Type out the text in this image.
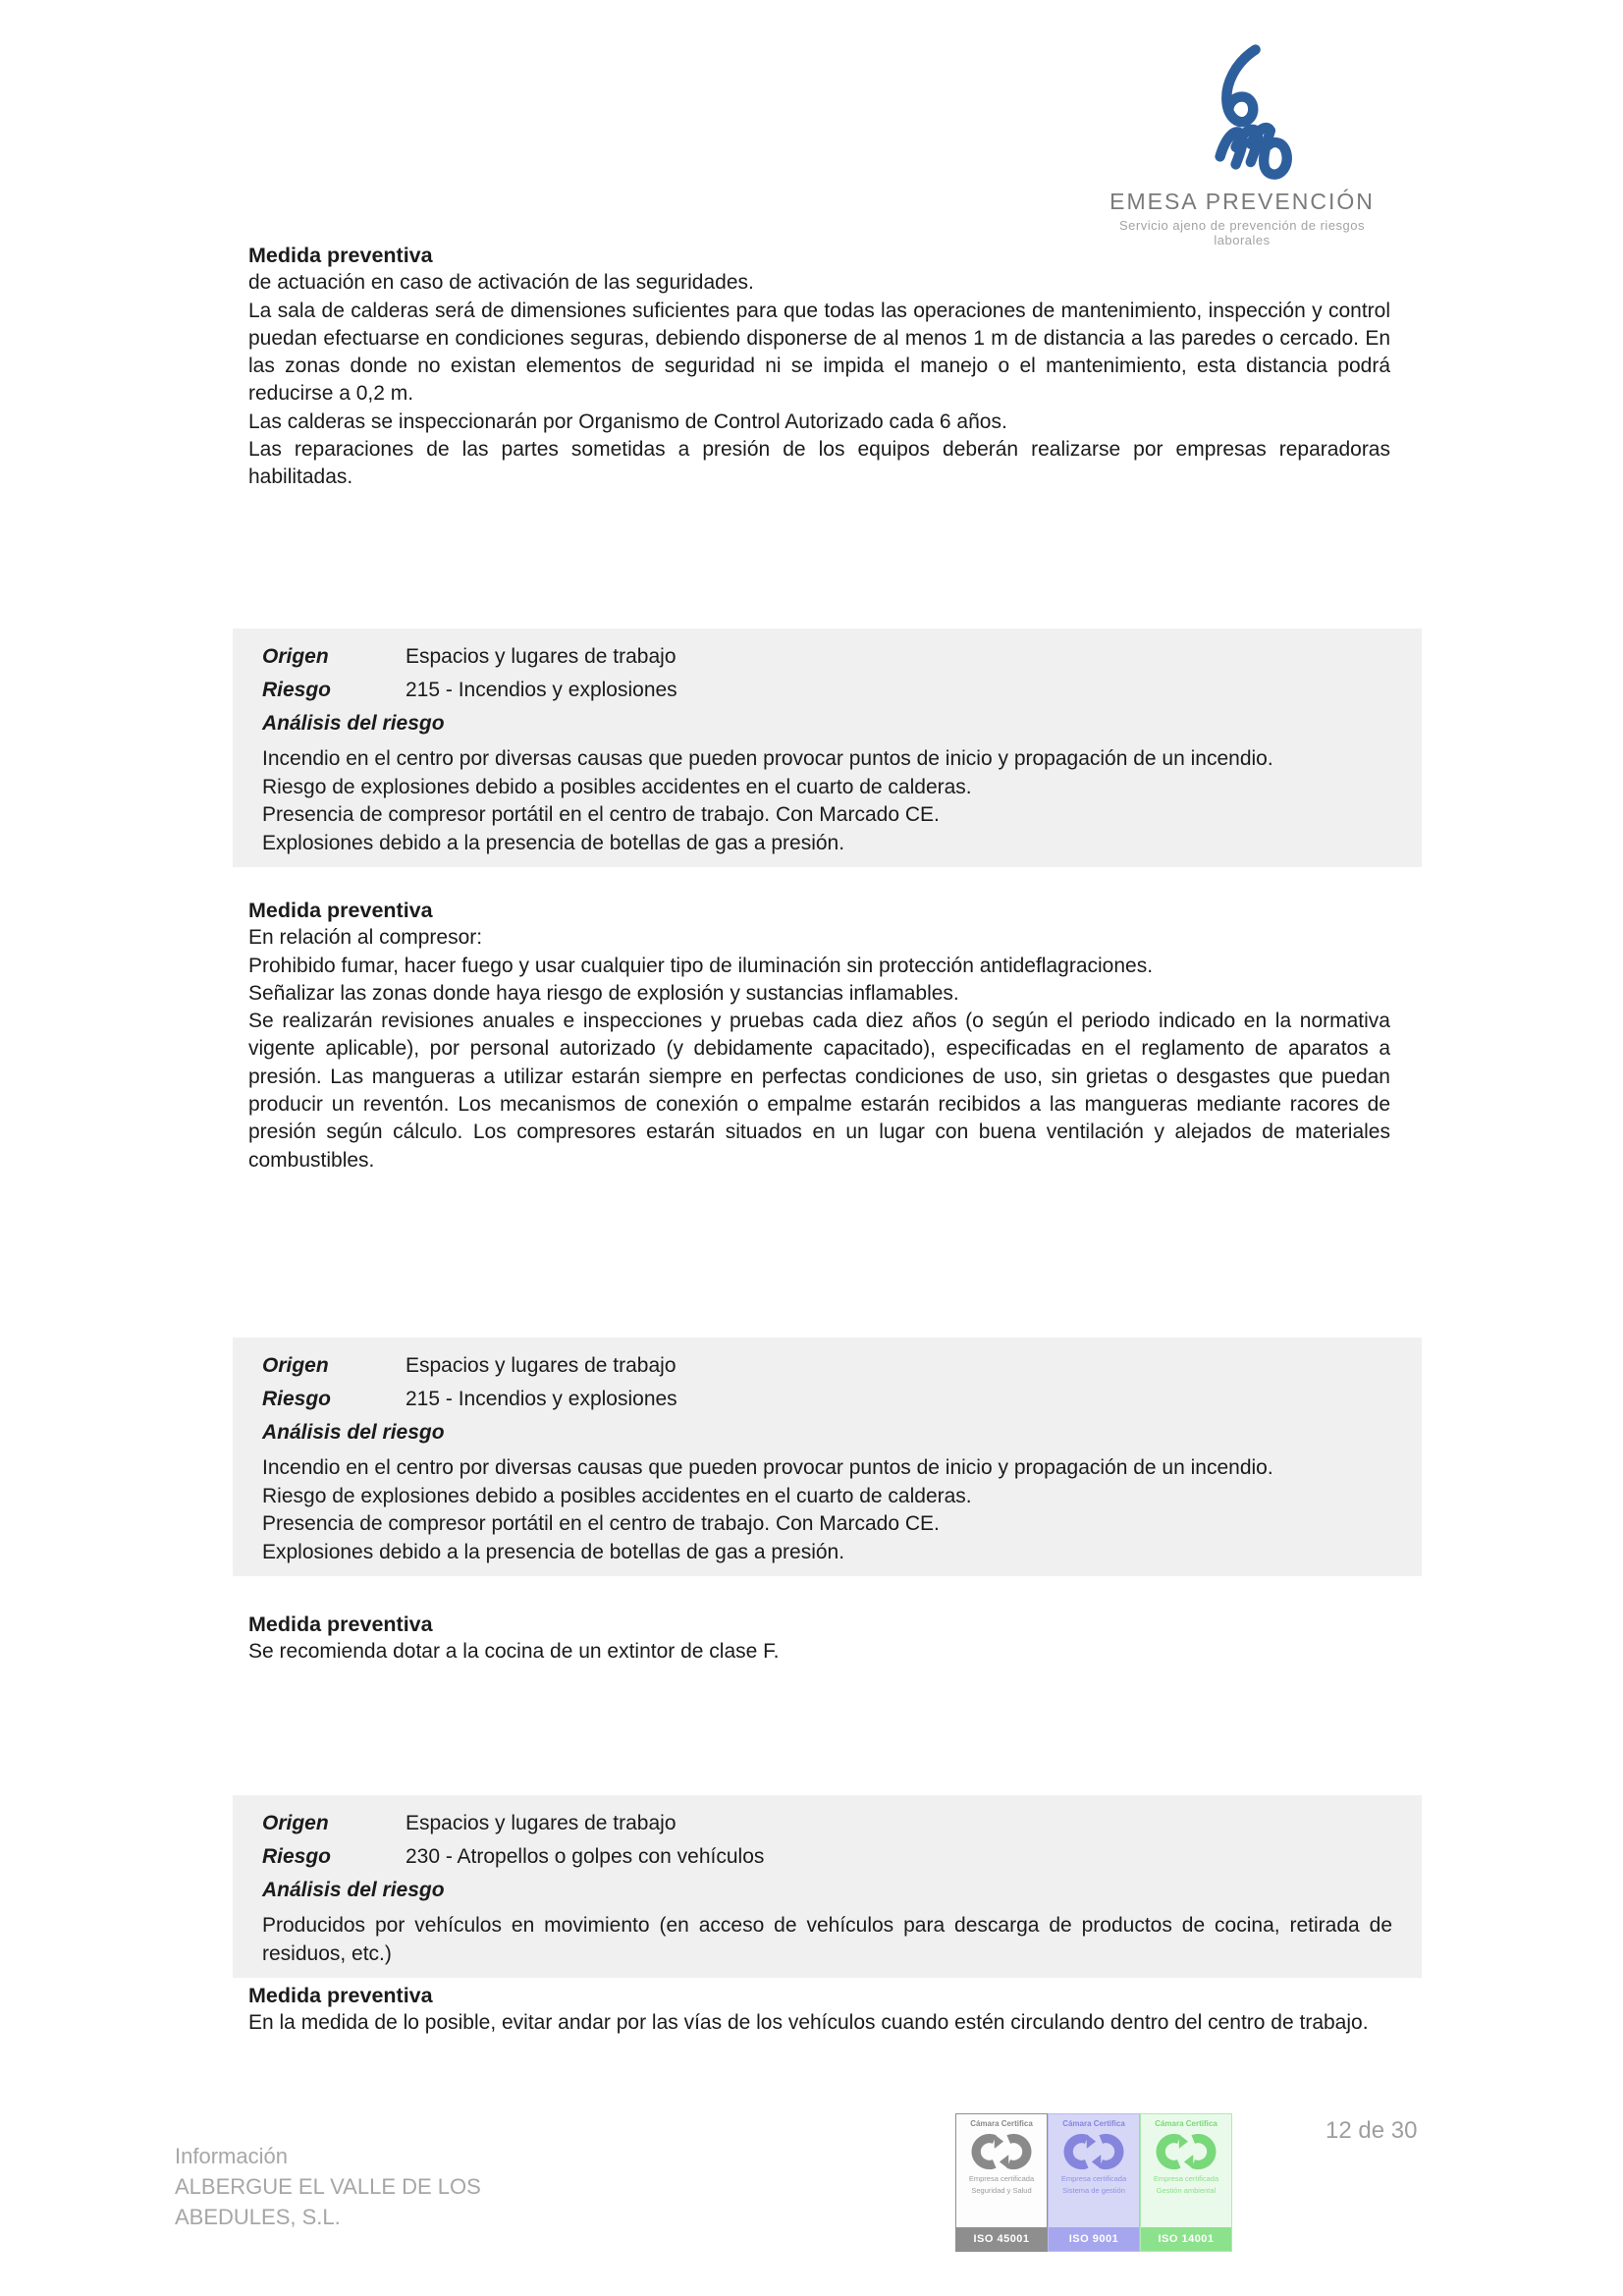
EMESA PREVENCIÓN
Servicio ajeno de prevención de riesgos laborales
Medida preventiva

de actuación en caso de activación de las seguridades.

La sala de calderas será de dimensiones suficientes para que todas las operaciones de mantenimiento, inspección y control puedan efectuarse en condiciones seguras, debiendo disponerse de al menos 1 m de distancia a las paredes o cercado. En las zonas donde no existan elementos de seguridad ni se impida el manejo o el mantenimiento, esta distancia podrá reducirse a 0,2 m.

Las calderas se inspeccionarán por Organismo de Control Autorizado cada 6 años.

Las reparaciones de las partes sometidas a presión de los equipos deberán realizarse por empresas reparadoras habilitadas.

Origen	Espacios y lugares de trabajo
Riesgo	215 - Incendios y explosiones
Análisis del riesgo

Incendio en el centro por diversas causas que pueden provocar puntos de inicio y propagación de un incendio.

Riesgo de explosiones debido a posibles accidentes en el cuarto de calderas.

Presencia de compresor portátil en el centro de trabajo. Con Marcado CE.

Explosiones debido a la presencia de botellas de gas a presión.

Medida preventiva

En relación al compresor:

Prohibido fumar, hacer fuego y usar cualquier tipo de iluminación sin protección antideflagraciones.

Señalizar las zonas donde haya riesgo de explosión y sustancias inflamables.

Se realizarán revisiones anuales e inspecciones y pruebas cada diez años (o según el periodo indicado en la normativa vigente aplicable), por personal autorizado (y debidamente capacitado), especificadas en el reglamento de aparatos a presión. Las mangueras a utilizar estarán siempre en perfectas condiciones de uso, sin grietas o desgastes que puedan producir un reventón. Los mecanismos de conexión o empalme estarán recibidos a las mangueras mediante racores de presión según cálculo. Los compresores estarán situados en un lugar con buena ventilación y alejados de materiales combustibles.

Origen	Espacios y lugares de trabajo
Riesgo	215 - Incendios y explosiones
Análisis del riesgo

Incendio en el centro por diversas causas que pueden provocar puntos de inicio y propagación de un incendio.

Riesgo de explosiones debido a posibles accidentes en el cuarto de calderas.

Presencia de compresor portátil en el centro de trabajo. Con Marcado CE.

Explosiones debido a la presencia de botellas de gas a presión.

Medida preventiva

Se recomienda dotar a la cocina de un extintor de clase F.

Origen	Espacios y lugares de trabajo
Riesgo	230 - Atropellos o golpes con vehículos
Análisis del riesgo

Producidos por vehículos en movimiento (en acceso de vehículos para descarga de productos de cocina, retirada de residuos, etc.)

Medida preventiva

En la medida de lo posible, evitar andar por las vías de los vehículos cuando estén circulando dentro del centro de trabajo.

Información
ALBERGUE EL VALLE DE LOS
ABEDULES, S.L.
Cámara Certifica
Empresa certificada
Seguridad y Salud
ISO 45001
Cámara Certifica
Empresa certificada
Sistema de gestión
ISO 9001
Cámara Certifica
Empresa certificada
Gestión ambiental
ISO 14001
12 de 30
